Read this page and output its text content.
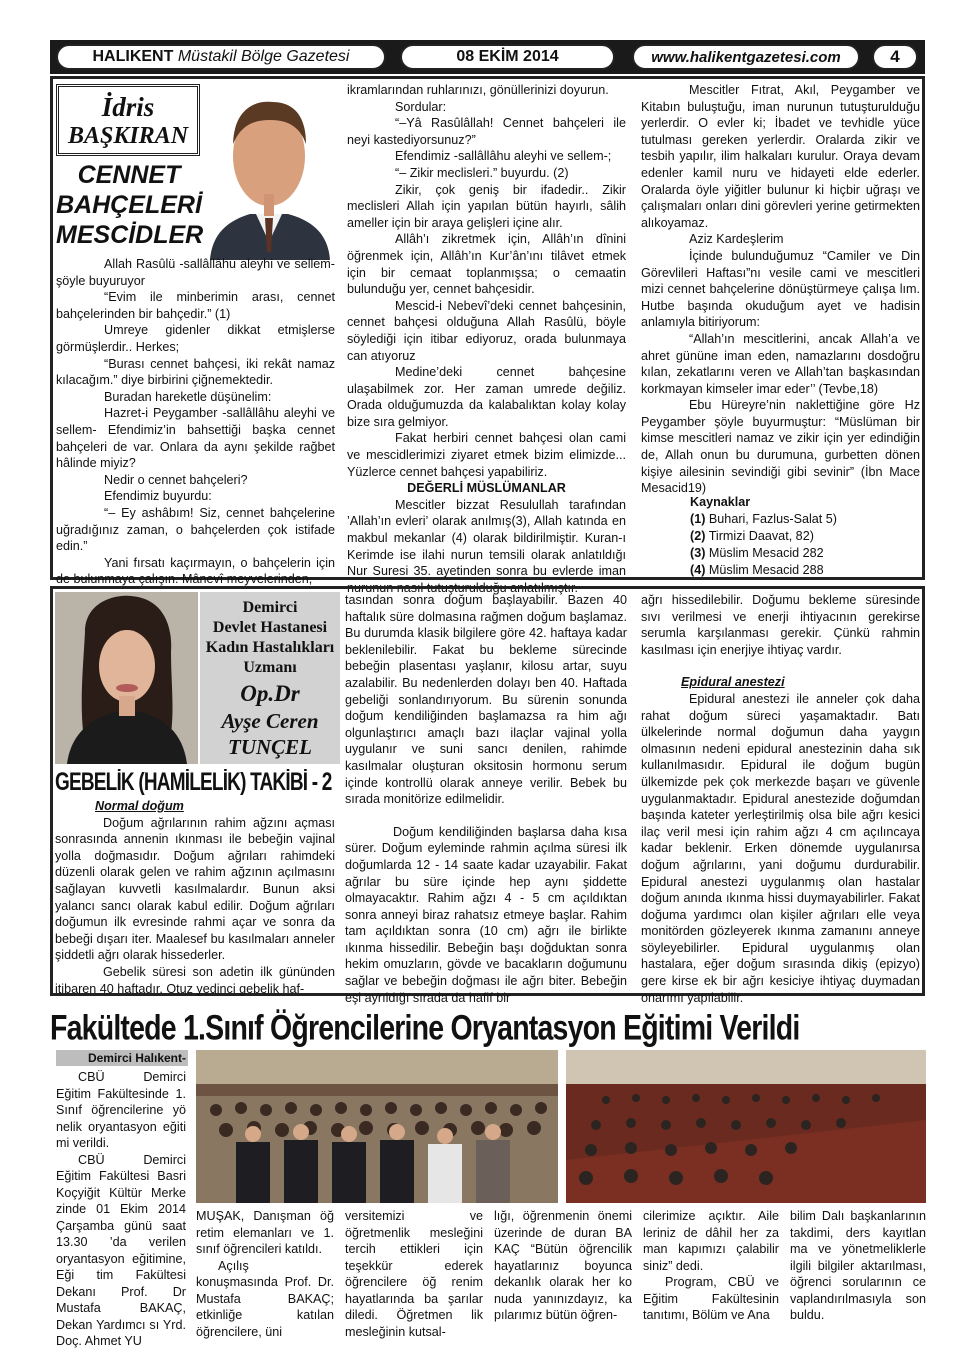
HALIKENT
Müstakil Bölge Gazetesi	08 EKİM 2014	www.halikentgazetesi.com	4
İdris
BAŞKIRAN
CENNET
BAHÇELERİ
MESCİDLER

Allah Rasûlü -sallâllâhu aleyhi ve sellem- şöyle buyuruyor

“Evim ile minberimin arası, cennet bahçelerinden bir bahçedir.” (1)

Umreye gidenler dikkat etmişlerse görmüşlerdir.. Herkes;

“Burası cennet bahçesi, iki rekât namaz kılacağım.” diye birbirini çiğnemektedir.

Buradan hareketle düşünelim:

Hazret-i Peygamber -sallâllâhu aleyhi ve sellem- Efendimiz’in bahsettiği başka cennet bahçeleri de var. Onlara da aynı şekilde rağbet hâlinde miyiz?

Nedir o cennet bahçeleri?

Efendimiz buyurdu:

“– Ey ashâbım! Siz, cennet bahçelerine uğradığınız zaman, o bahçelerden çok istifade edin.”

Yani fırsatı kaçırmayın, o bahçelerin için de bulunmaya çalışın. Mânevî meyvelerinden,

ikramlarından ruhlarınızı, gönüllerinizi doyurun.

Sordular:

“–Yâ Rasûlâllah! Cennet bahçeleri ile neyi kastediyorsunuz?”

Efendimiz -sallâllâhu aleyhi ve sellem-;

“– Zikir meclisleri.” buyurdu. (2)

Zikir, çok geniş bir ifadedir.. Zikir meclisleri Allah için yapılan bütün hayırlı, sâlih ameller için bir araya gelişleri içine alır.

Allâh’ı zikretmek için, Allâh’ın dînini öğrenmek için, Allâh’ın Kur’ân’ını tilâvet etmek için bir cemaat toplanmışsa; o cemaatin bulunduğu yer, cennet bahçesidir.

Mescid-i Nebevî’deki cennet bahçesinin, cennet bahçesi olduğuna Allah Rasûlü, böyle söylediği için itibar ediyoruz, orada bulunmaya can atıyoruz

Medine’deki cennet bahçesine ulaşabilmek zor. Her zaman umrede değiliz. Orada olduğumuzda da kalabalıktan kolay kolay bize sıra gelmiyor.

Fakat herbiri cennet bahçesi olan cami ve mescidlerimizi ziyaret etmek bizim elimizde... Yüzlerce cennet bahçesi yapabiliriz.

DEĞERLİ MÜSLÜMANLAR

Mescitler bizzat Resulullah tarafından ’Allah’ın evleri’ olarak anılmış(3), Allah katında en makbul mekanlar (4) olarak bildirilmiştir. Kuran-ı Kerimde ise ilahi nurun temsili olarak anlatıldığı Nur Suresi 35. ayetinden sonra bu evlerde iman nurunun nasıl tutuşturulduğu anlatılmıştır.

Mescitler Fıtrat, Akıl, Peygamber ve Kitabın buluştuğu, iman nurunun tutuşturulduğu yerlerdir. O evler ki; İbadet ve tevhidle yüce tutulması gereken yerlerdir. Oralarda zikir ve tesbih yapılır, ilim halkaları kurulur. Oraya devam edenler kamil nuru ve hidayeti elde ederler. Oralarda öyle yiğitler bulunur ki hiçbir uğraşı ve çalışmaları onları dini görevleri yerine getirmekten alıkoyamaz.

Aziz Kardeşlerim

İçinde bulunduğumuz “Camiler ve Din Görevlileri Haftası”nı vesile cami ve mescitleri mizi cennet bahçelerine dönüştürmeye çalışa lım. Hutbe başında okuduğum ayet ve hadisin anlamıyla bitiriyorum:

“Allah’ın mescitlerini, ancak Allah’a ve ahret gününe iman eden, namazlarını dosdoğru kılan, zekatlarını veren ve Allah’tan başkasından korkmayan kimseler imar eder’’ (Tevbe,18)

Ebu Hüreyre’nin naklettiğine göre Hz Peygamber şöyle buyurmuştur: “Müslüman bir kimse mescitleri namaz ve zikir için yer edindiğin de, Allah onun bu durumuna, gurbetten dönen kişiye ailesinin sevindiği gibi sevinir” (İbn Mace Mesacid19)

Kaynaklar
(1) Buhari, Fazlus-Salat 5)
(2) Tirmizi Daavat, 82)
(3) Müslim Mesacid 282
(4) Müslim Mesacid 288
Demirci
Devlet Hastanesi
Kadın Hastalıkları
Uzmanı
Op.Dr
Ayşe Ceren
TUNÇEL
GEBELİK (HAMİLELİK) TAKİBİ - 2

Normal doğum

Doğum ağrılarının rahim ağzını açması sonrasında annenin ıkınması ile bebeğin vajinal yolla doğmasıdır. Doğum ağrıları rahimdeki düzenli olarak gelen ve rahim ağzının açılmasını sağlayan kuvvetli kasılmalardır. Bunun aksi yalancı sancı olarak kabul edilir. Doğum ağrıları doğumun ilk evresinde rahmi açar ve sonra da bebeği dışarı iter. Maalesef bu kasılmaları anneler şiddetli ağrı olarak hissederler.

Gebelik süresi son adetin ilk gününden itibaren 40 haftadır. Otuz yedinci gebelik haf-

tasından sonra doğum başlayabilir. Bazen 40 haftalık süre dolmasına rağmen doğum başlamaz. Bu durumda klasik bilgilere göre 42. haftaya kadar beklenilebilir. Fakat bu bekleme sürecinde bebeğin plasentası yaşlanır, kilosu artar, suyu azalabilir. Bu nedenlerden dolayı ben 40. Haftada gebeliği sonlandırıyorum. Bu sürenin sonunda doğum kendiliğinden başlamazsa ra him ağı olgunlaştırıcı amaçlı bazı ilaçlar vajinal yolla uygulanır ve suni sancı denilen, rahimde kasılmalar oluşturan oksitosin hormonu serum içinde kontrollü olarak anneye verilir. Bebek bu sırada monitörize edilmelidir.

Doğum kendiliğinden başlarsa daha kısa sürer. Doğum eyleminde rahmin açılma süresi ilk doğumlarda 12 - 14 saate kadar uzayabilir. Fakat ağrılar bu süre içinde hep aynı şiddette olmayacaktır. Rahim ağzı 4 - 5 cm açıldıktan sonra anneyi biraz rahatsız etmeye başlar. Rahim tam açıldıktan sonra (10 cm) ağrı ile birlikte ıkınma hissedilir. Bebeğin başı doğduktan sonra hekim omuzların, gövde ve bacakların doğumunu sağlar ve bebeğin doğması ile ağrı biter. Bebeğin eşi ayrıldığı sırada da hafif bir

ağrı hissedilebilir. Doğumu bekleme süresinde sıvı verilmesi ve enerji ihtiyacının gerekirse serumla karşılanması gerekir. Çünkü rahmin kasılması için enerjiye ihtiyaç vardır.

Epidural anestezi

Epidural anestezi ile anneler çok daha rahat doğum süreci yaşamaktadır. Batı ülkelerinde normal doğumun daha yaygın olmasının nedeni epidural anestezinin daha sık kullanılmasıdır. Epidural ile doğum bugün ülkemizde pek çok merkezde başarı ve güvenle uygulanmaktadır. Epidural anestezide doğumdan başında kateter yerleştirilmiş olsa bile ağrı kesici ilaç veril mesi için rahim ağzı 4 cm açılıncaya kadar beklenir. Erken dönemde uygulanırsa doğum ağrılarını, yani doğumu durdurabilir. Epidural anestezi uygulanmış olan hastalar doğum anında ıkınma hissi duymayabilirler. Fakat doğuma yardımcı olan kişiler ağrıları elle veya monitörden gözleyerek ıkınma zamanını anneye söyleyebilirler. Epidural uygulanmış olan hastalara, eğer doğum sırasında dikiş (epizyo) gere kirse ek bir ağrı kesiciye ihtiyaç duymadan onarımı yapılabilir.

Fakültede 1.Sınıf Öğrencilerine Oryantasyon Eğitimi Verildi
Demirci Halıkent-

CBÜ Demirci Eğitim Fakültesinde 1. Sınıf öğrencilerine yö nelik oryantasyon eğiti mi verildi.

CBÜ Demirci Eğitim Fakültesi Basri Koçyiğit Kültür Merke zinde 01 Ekim 2014 Çarşamba günü saat 13.30 ’da verilen oryantasyon eğitimine, Eği tim Fakültesi Dekanı Prof. Dr Mustafa BAKAÇ, Dekan Yardımcı sı Yrd. Doç. Ahmet YU

MUŞAK, Danışman öğ retim elemanları ve 1. sınıf öğrencileri katıldı.

Açılış konuşmasında Prof. Dr. Mustafa BAKAÇ; etkinliğe katılan öğrencilere, üni

versitemizi ve öğretmenlik mesleğini tercih ettikleri için teşekkür ederek öğrencilere öğ renim hayatlarında ba şarılar diledi. Öğretmen lik mesleğinin kutsal-

lığı, öğrenmenin önemi üzerinde de duran BA KAÇ “Bütün öğrencilik hayatlarınız boyunca dekanlık olarak her ko nuda yanınızdayız, ka pılarımız bütün öğren-

cilerimize açıktır. Aile leriniz de dâhil her za man kapımızı çalabilir siniz” dedi.

Program, CBÜ ve Eğitim Fakültesinin tanıtımı, Bölüm ve Ana

bilim Dalı başkanlarının takdimi, ders kayıtlan ma ve yönetmeliklerle ilgili bilgiler aktarılması, öğrenci sorularının ce vaplandırılmasıyla son buldu.
